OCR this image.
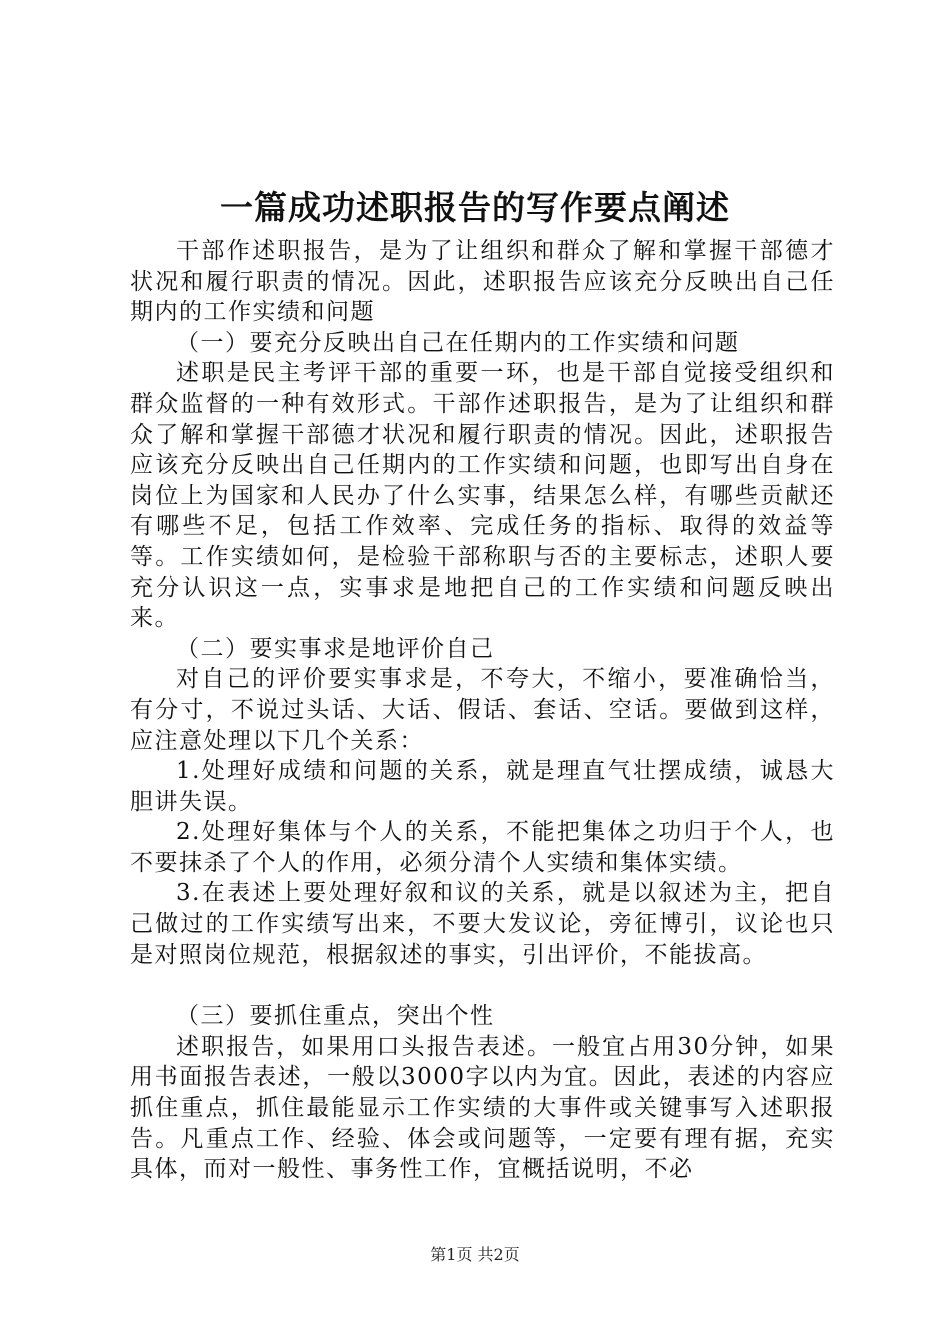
一篇成功述职报告的写作要点阐述

干部作述职报告，是为了让组织和群众了解和掌握干部德才状况和履行职责的情况。因此，述职报告应该充分反映出自己任期内的工作实绩和问题

（一）要充分反映出自己在任期内的工作实绩和问题

述职是民主考评干部的重要一环，也是干部自觉接受组织和群众监督的一种有效形式。干部作述职报告，是为了让组织和群众了解和掌握干部德才状况和履行职责的情况。因此，述职报告应该充分反映出自己任期内的工作实绩和问题，也即写出自身在岗位上为国家和人民办了什么实事，结果怎么样，有哪些贡献还有哪些不足，包括工作效率、完成任务的指标、取得的效益等等。工作实绩如何，是检验干部称职与否的主要标志，述职人要充分认识这一点，实事求是地把自己的工作实绩和问题反映出来。

（二）要实事求是地评价自己

对自己的评价要实事求是，不夸大，不缩小，要准确恰当，有分寸，不说过头话、大话、假话、套话、空话。要做到这样，应注意处理以下几个关系：

1.处理好成绩和问题的关系，就是理直气壮摆成绩，诚恳大胆讲失误。

2.处理好集体与个人的关系，不能把集体之功归于个人，也不要抹杀了个人的作用，必须分清个人实绩和集体实绩。

3.在表述上要处理好叙和议的关系，就是以叙述为主，把自己做过的工作实绩写出来，不要大发议论，旁征博引，议论也只是对照岗位规范，根据叙述的事实，引出评价，不能拔高。

（三）要抓住重点，突出个性

述职报告，如果用口头报告表述。一般宜占用30分钟，如果用书面报告表述，一般以3000字以内为宜。因此，表述的内容应抓住重点，抓住最能显示工作实绩的大事件或关键事写入述职报告。凡重点工作、经验、体会或问题等，一定要有理有据，充实具体，而对一般性、事务性工作，宜概括说明，不必

第1页 共2页
